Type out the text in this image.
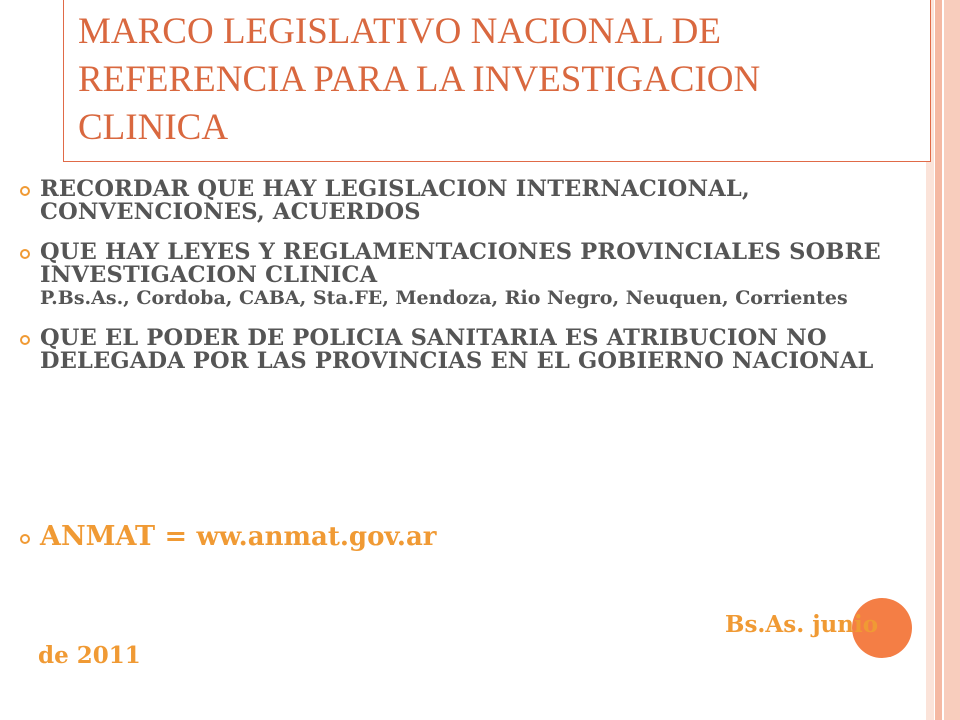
MARCO LEGISLATIVO NACIONAL DE REFERENCIA PARA LA INVESTIGACION CLINICA
RECORDAR QUE HAY LEGISLACION INTERNACIONAL, CONVENCIONES, ACUERDOS
QUE HAY LEYES Y REGLAMENTACIONES PROVINCIALES SOBRE INVESTIGACION CLINICA
P.Bs.As., Cordoba, CABA, Sta.FE, Mendoza, Rio Negro, Neuquen, Corrientes
QUE EL PODER DE POLICIA SANITARIA ES ATRIBUCION NO DELEGADA POR LAS PROVINCIAS EN EL GOBIERNO NACIONAL
ANMAT = ww.anmat.gov.ar
Bs.As. junio
de 2011
